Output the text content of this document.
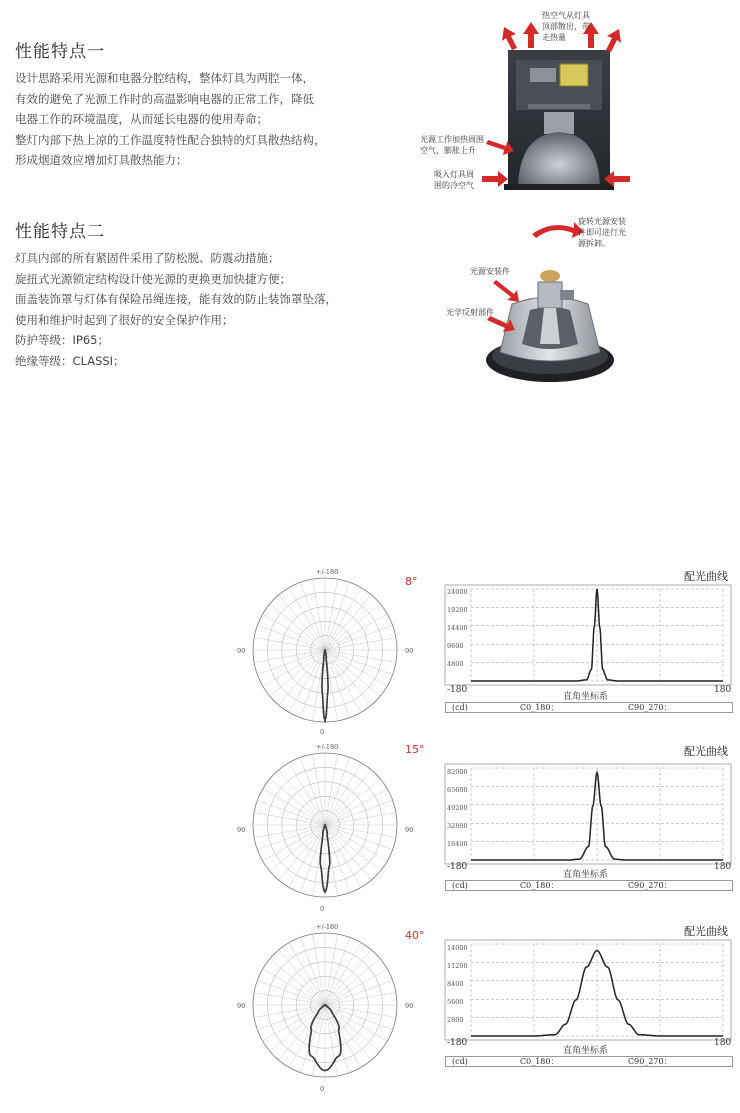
性能特点一
设计思路采用光源和电器分腔结构，整体灯具为两腔一体，
有效的避免了光源工作时的高温影响电器的正常工作，降低
电器工作的环境温度，从而延长电器的使用寿命；
整灯内部下热上凉的工作温度特性配合独特的灯具散热结构，
形成烟道效应增加灯具散热能力；
热空气从灯具
顶部散出，带
走热量
光源工作加热周围
空气，膨胀上升
吸入灯具周
围的冷空气
性能特点二
灯具内部的所有紧固件采用了防松脱、防震动措施；
旋扭式光源锁定结构设计使光源的更换更加快捷方便；
面盖装饰罩与灯体有保险吊绳连接，能有效的防止装饰罩坠落，
使用和维护时起到了很好的安全保护作用；
防护等级：IP65；
绝缘等级：CLASSI；
旋转光源安装
件即可进行光
源拆卸。
光源安装件
光学反射部件
8°	配光曲线
+/-180
90	90
0
24000
19200
14400
9600
4800
-180	180
直角坐标系
(cd)	C0_180：	C90_270：
15°	配光曲线
+/-180
90	90
0
82000
65600
49200
32800
16400
-180	180
直角坐标系
(cd)	C0_180：	C90_270：
40°	配光曲线
+/-180
90	90
0
14000
11200
8400
5600
2800
-180	180
直角坐标系
(cd)	C0_180：	C90_270：
